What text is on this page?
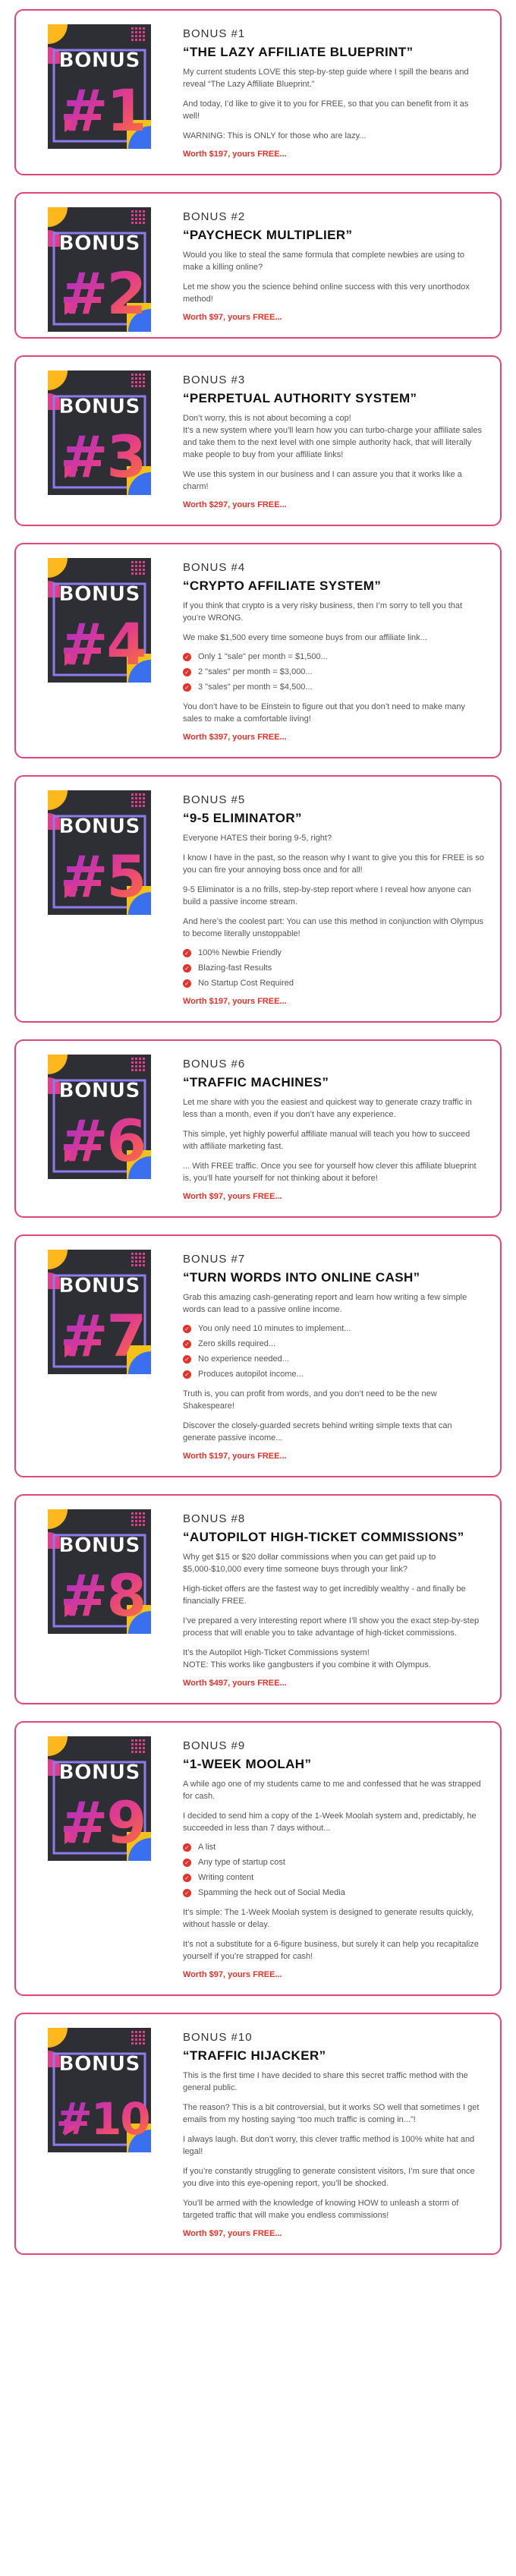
BONUS
#1
BONUS #1
“THE LAZY AFFILIATE BLUEPRINT”

My current students LOVE this step-by-step guide where I spill the beans and reveal “The Lazy Affiliate Blueprint.”

And today, I’d like to give it to you for FREE, so that you can benefit from it as well!

WARNING: This is ONLY for those who are lazy...

Worth $197, yours FREE...
BONUS
#2
BONUS #2
“PAYCHECK MULTIPLIER”

Would you like to steal the same formula that complete newbies are using to make a killing online?

Let me show you the science behind online success with this very unorthodox method!

Worth $97, yours FREE...
BONUS
#3
BONUS #3
“PERPETUAL AUTHORITY SYSTEM”

Don’t worry, this is not about becoming a cop!
It’s a new system where you’ll learn how you can turbo-charge your affiliate sales and take them to the next level with one simple authority hack, that will literally make people to buy from your affiliate links!

We use this system in our business and I can assure you that it works like a charm!

Worth $297, yours FREE...
BONUS
#4
BONUS #4
“CRYPTO AFFILIATE SYSTEM”

If you think that crypto is a very risky business, then I’m sorry to tell you that you’re WRONG.

We make $1,500 every time someone buys from our affiliate link...

✓ Only 1 "sale" per month = $1,500...
✓ 2 "sales" per month = $3,000...
✓ 3 "sales" per month = $4,500...

You don’t have to be Einstein to figure out that you don’t need to make many sales to make a comfortable living!

Worth $397, yours FREE...
BONUS
#5
BONUS #5
“9-5 ELIMINATOR”

Everyone HATES their boring 9-5, right?

I know I have in the past, so the reason why I want to give you this for FREE is so you can fire your annoying boss once and for all!

9-5 Eliminator is a no frills, step-by-step report where I reveal how anyone can build a passive income stream.

And here’s the coolest part: You can use this method in conjunction with Olympus to become literally unstoppable!

✓ 100% Newbie Friendly
✓ Blazing-fast Results
✓ No Startup Cost Required
Worth $197, yours FREE...
BONUS
#6
BONUS #6
“TRAFFIC MACHINES”

Let me share with you the easiest and quickest way to generate crazy traffic in less than a month, even if you don’t have any experience.

This simple, yet highly powerful affiliate manual will teach you how to succeed with affiliate marketing fast.

... With FREE traffic. Once you see for yourself how clever this affiliate blueprint is, you’ll hate yourself for not thinking about it before!

Worth $97, yours FREE...
BONUS
#7
BONUS #7
“TURN WORDS INTO ONLINE CASH”

Grab this amazing cash-generating report and learn how writing a few simple words can lead to a passive online income.

✓ You only need 10 minutes to implement...
✓ Zero skills required...
✓ No experience needed...
✓ Produces autopilot income...

Truth is, you can profit from words, and you don’t need to be the new Shakespeare!

Discover the closely-guarded secrets behind writing simple texts that can generate passive income...

Worth $197, yours FREE...
BONUS
#8
BONUS #8
“AUTOPILOT HIGH-TICKET COMMISSIONS”

Why get $15 or $20 dollar commissions when you can get paid up to $5,000-$10,000 every time someone buys through your link?

High-ticket offers are the fastest way to get incredibly wealthy - and finally be financially FREE.

I’ve prepared a very interesting report where I’ll show you the exact step-by-step process that will enable you to take advantage of high-ticket commissions.

It’s the Autopilot High-Ticket Commissions system!
NOTE: This works like gangbusters if you combine it with Olympus.

Worth $497, yours FREE...
BONUS
#9
BONUS #9
“1-WEEK MOOLAH”

A while ago one of my students came to me and confessed that he was strapped for cash.

I decided to send him a copy of the 1-Week Moolah system and, predictably, he succeeded in less than 7 days without...

✓ A list
✓ Any type of startup cost
✓ Writing content
✓ Spamming the heck out of Social Media

It’s simple: The 1-Week Moolah system is designed to generate results quickly, without hassle or delay.

It’s not a substitute for a 6-figure business, but surely it can help you recapitalize yourself if you’re strapped for cash!

Worth $97, yours FREE...
BONUS
#10
BONUS #10
“TRAFFIC HIJACKER”

This is the first time I have decided to share this secret traffic method with the general public.

The reason? This is a bit controversial, but it works SO well that sometimes I get emails from my hosting saying “too much traffic is coming in...”!

I always laugh. But don’t worry, this clever traffic method is 100% white hat and legal!

If you’re constantly struggling to generate consistent visitors, I’m sure that once you dive into this eye-opening report, you’ll be shocked.

You’ll be armed with the knowledge of knowing HOW to unleash a storm of targeted traffic that will make you endless commissions!

Worth $97, yours FREE...
